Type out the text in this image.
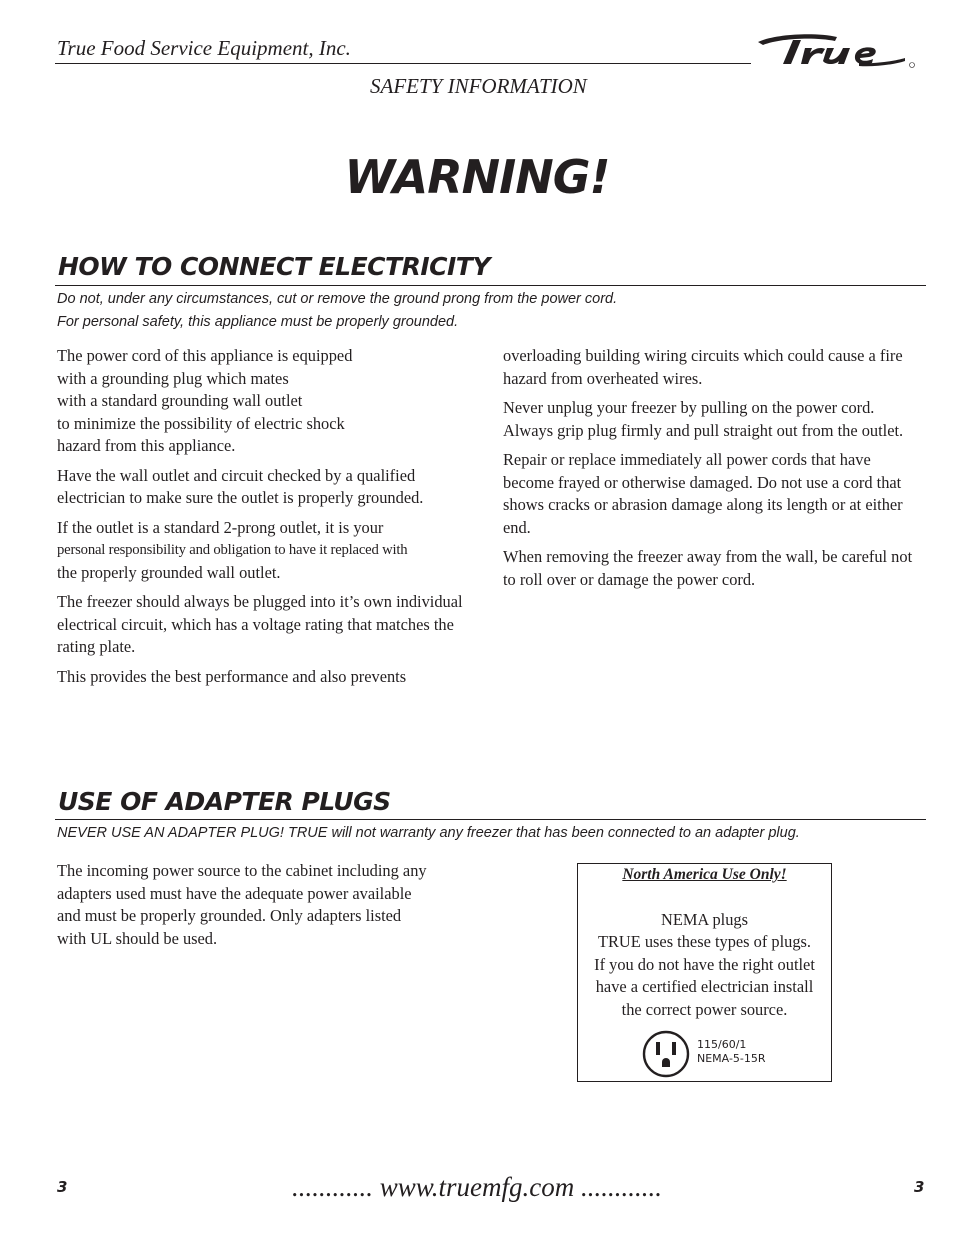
True Food Service Equipment, Inc.
SAFETY INFORMATION
WARNING!
HOW TO CONNECT ELECTRICITY
Do not, under any circumstances, cut or remove the ground prong from the power cord.
For personal safety, this appliance must be properly grounded.

The power cord of this appliance is equipped
with a grounding plug which mates
with a standard grounding wall outlet
to minimize the possibility of electric shock
hazard from this appliance.

Have the wall outlet and circuit checked by a qualified electrician to make sure the outlet is properly grounded.

If the outlet is a standard 2-prong outlet, it is your
personal responsibility and obligation to have it replaced with
the properly grounded wall outlet.

The freezer should always be plugged into it’s own individual electrical circuit, which has a voltage rating that matches the rating plate.

This provides the best performance and also prevents

overloading building wiring circuits which could cause a fire hazard from overheated wires.

Never unplug your freezer by pulling on the power cord. Always grip plug firmly and pull straight out from the outlet.

Repair or replace immediately all power cords that have become frayed or otherwise damaged. Do not use a cord that shows cracks or abrasion damage along its length or at either end.

When removing the freezer away from the wall, be careful not to roll over or damage the power cord.

USE OF ADAPTER PLUGS
NEVER USE AN ADAPTER PLUG! TRUE will not warranty any freezer that has been connected to an adapter plug.
The incoming power source to the cabinet including any
adapters used must have the adequate power available
and must be properly grounded. Only adapters listed
with UL should be used.
North America Use Only!
NEMA plugs
TRUE uses these types of plugs.
If you do not have the right outlet
have a certified electrician install
the correct power source.
115/60/1
NEMA-5-15R
3	............ www.truemfg.com ............	3
